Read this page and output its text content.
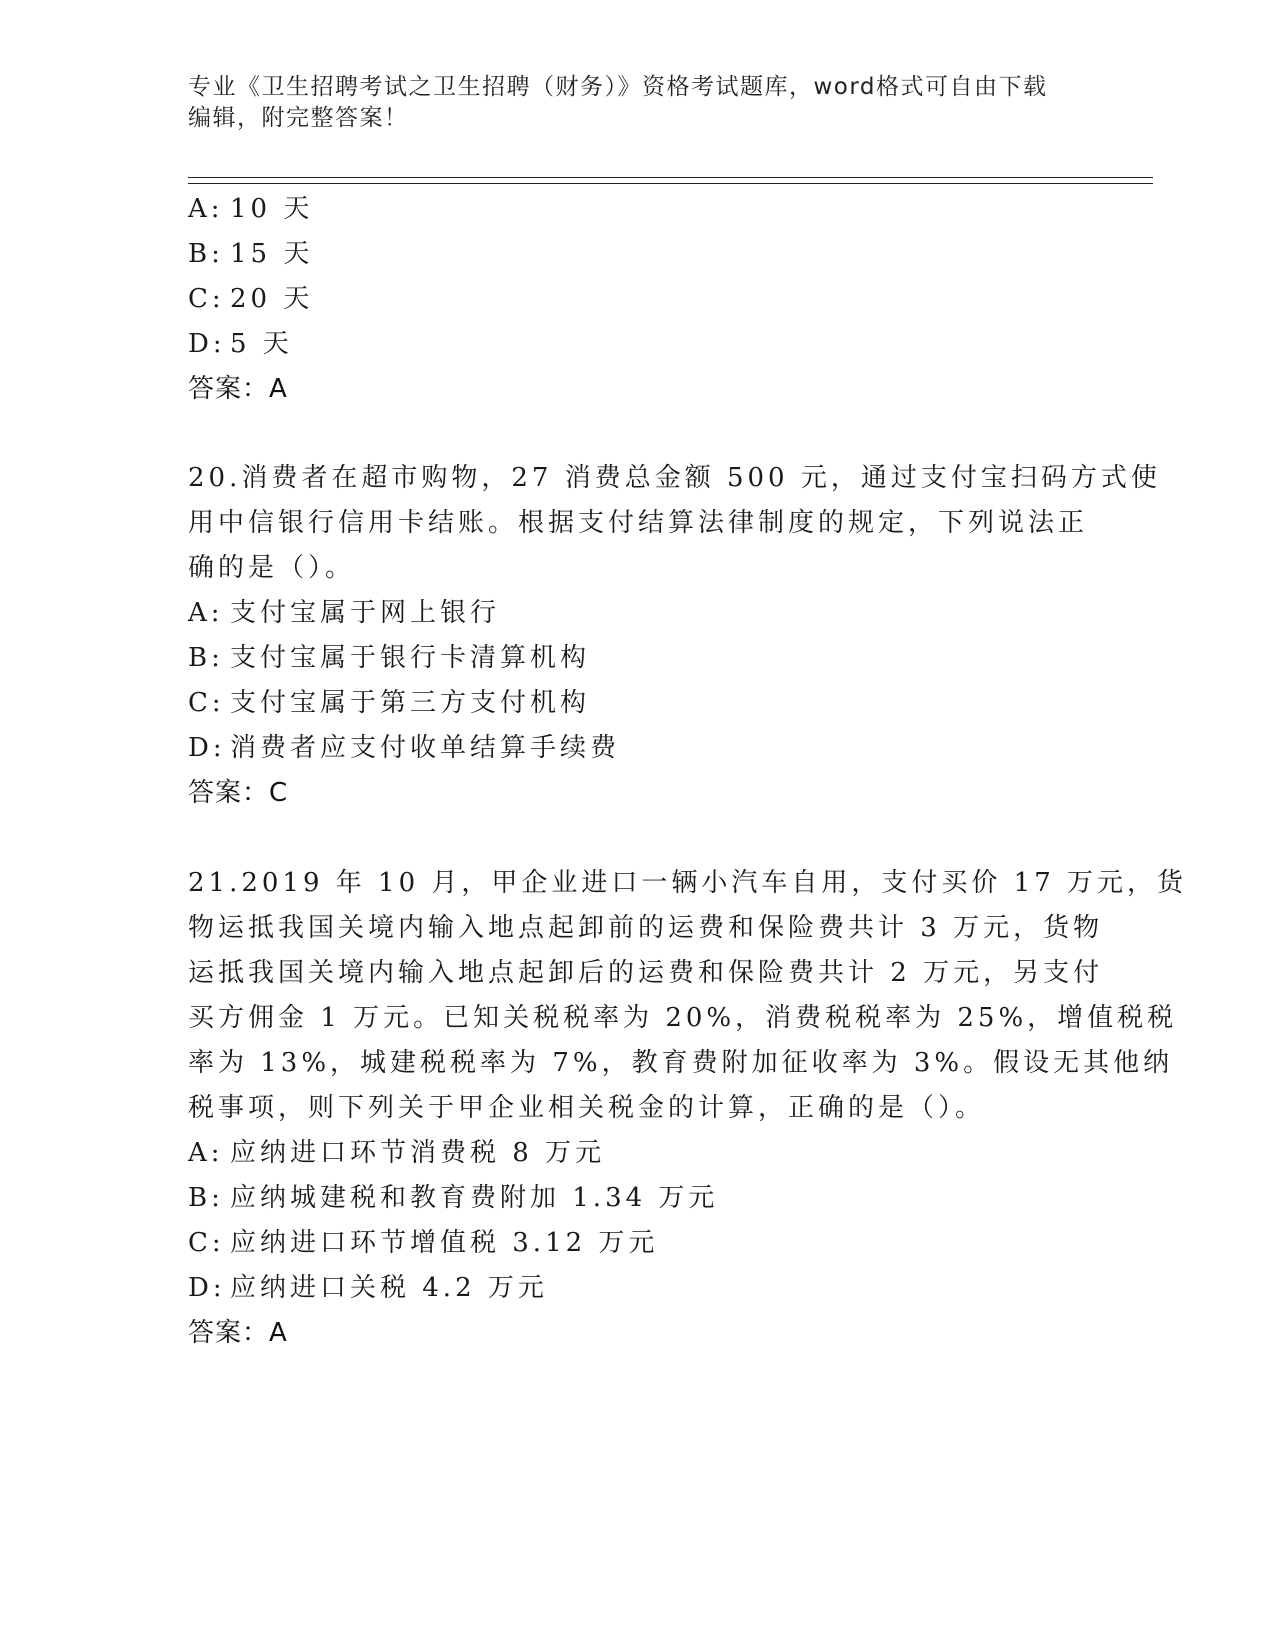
专业《卫生招聘考试之卫生招聘（财务）》资格考试题库，word格式可自由下载
编辑，附完整答案！
A: 10 天
B: 15 天
C: 20 天
D: 5 天
答案：A
20.消费者在超市购物，27 消费总金额 500 元，通过支付宝扫码方式使
用中信银行信用卡结账。根据支付结算法律制度的规定，下列说法正
确的是（）。
A: 支付宝属于网上银行
B: 支付宝属于银行卡清算机构
C: 支付宝属于第三方支付机构
D: 消费者应支付收单结算手续费
答案：C
21.2019 年 10 月，甲企业进口一辆小汽车自用，支付买价 17 万元，货
物运抵我国关境内输入地点起卸前的运费和保险费共计 3 万元，货物
运抵我国关境内输入地点起卸后的运费和保险费共计 2 万元，另支付
买方佣金 1 万元。已知关税税率为 20%，消费税税率为 25%，增值税税
率为 13%，城建税税率为 7%，教育费附加征收率为 3%。假设无其他纳
税事项，则下列关于甲企业相关税金的计算，正确的是（）。
A: 应纳进口环节消费税 8 万元
B: 应纳城建税和教育费附加 1.34 万元
C: 应纳进口环节增值税 3.12 万元
D: 应纳进口关税 4.2 万元
答案：A
